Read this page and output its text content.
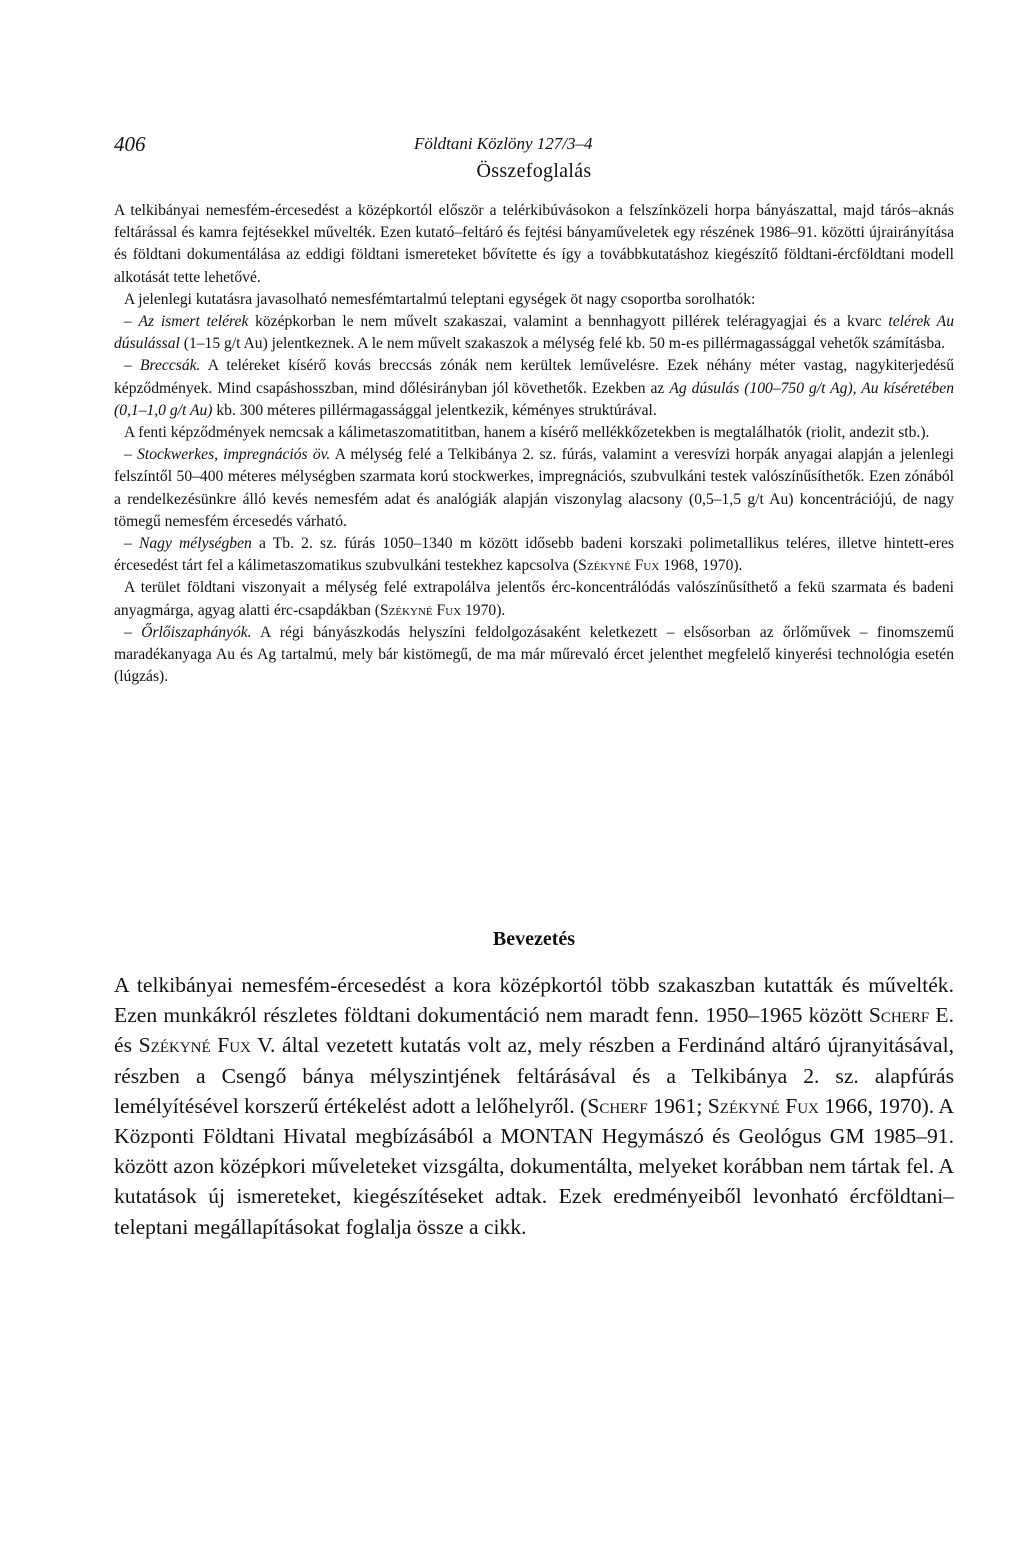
406	Földtani Közlöny 127/3–4
Összefoglalás

A telkibányai nemesfém-ércesedést a középkortól először a telérkibúvásokon a felszínközeli horpa bányászattal, majd tárós–aknás feltárással és kamra fejtésekkel művelték. Ezen kutató–feltáró és fejtési bányaműveletek egy részének 1986–91. közötti újrairányítása és földtani dokumentálása az eddigi földtani ismereteket bővítette és így a továbbkutatáshoz kiegészítő földtani-ércföldtani modell alkotását tette lehetővé.

A jelenlegi kutatásra javasolható nemesfémtartalmú teleptani egységek öt nagy csoportba sorolhatók:

– Az ismert telérek középkorban le nem művelt szakaszai, valamint a bennhagyott pillérek teléragyagjai és a kvarc telérek Au dúsulással (1–15 g/t Au) jelentkeznek. A le nem művelt szakaszok a mélység felé kb. 50 m-es pillérmagassággal vehetők számításba.

– Breccsák. A teléreket kísérő kovás breccsás zónák nem kerültek leművelésre. Ezek néhány méter vastag, nagykiterjedésű képződmények. Mind csapáshosszban, mind dőlésirányban jól követhetők. Ezekben az Ag dúsulás (100–750 g/t Ag), Au kíséretében (0,1–1,0 g/t Au) kb. 300 méteres pillérmagassággal jelentkezik, kéményes struktúrával.

A fenti képződmények nemcsak a kálimetaszomatititban, hanem a kísérő mellékkőzetekben is megtalálhatók (riolit, andezit stb.).

– Stockwerkes, impregnációs öv. A mélység felé a Telkibánya 2. sz. fúrás, valamint a veresvízi horpák anyagai alapján a jelenlegi felszíntől 50–400 méteres mélységben szarmata korú stockwerkes, impregnációs, szubvulkáni testek valószínűsíthetők. Ezen zónából a rendelkezésünkre álló kevés nemesfém adat és analógiák alapján viszonylag alacsony (0,5–1,5 g/t Au) koncentrációjú, de nagy tömegű nemesfém ércesedés várható.

– Nagy mélységben a Tb. 2. sz. fúrás 1050–1340 m között idősebb badeni korszaki polimetallikus teléres, illetve hintett-eres ércesedést tárt fel a kálimetaszomatikus szubvulkáni testekhez kapcsolva (Székyné Fux 1968, 1970).

A terület földtani viszonyait a mélység felé extrapolálva jelentős érc-koncentrálódás valószínűsíthető a fekü szarmata és badeni anyagmárga, agyag alatti érc-csapdákban (Székyné Fux 1970).

– Őrlőiszaphányók. A régi bányászkodás helyszíni feldolgozásaként keletkezett – elsősorban az őrlőművek – finomszemű maradékanyaga Au és Ag tartalmú, mely bár kistömegű, de ma már műrevaló ércet jelenthet megfelelő kinyerési technológia esetén (lúgzás).

Bevezetés

A telkibányai nemesfém-ércesedést a kora középkortól több szakaszban kutatták és művelték. Ezen munkákról részletes földtani dokumentáció nem maradt fenn. 1950–1965 között Scherf E. és Székyné Fux V. által vezetett kutatás volt az, mely részben a Ferdinánd altáró újranyitásával, részben a Csengő bánya mélyszintjének feltárásával és a Telkibánya 2. sz. alapfúrás lemélyítésével korszerű értékelést adott a lelőhelyről. (Scherf 1961; Székyné Fux 1966, 1970). A Központi Földtani Hivatal megbízásából a MONTAN Hegymászó és Geológus GM 1985–91. között azon középkori műveleteket vizsgálta, dokumentálta, melyeket korábban nem tártak fel. A kutatások új ismereteket, kiegészítéseket adtak. Ezek eredményeiből levonható ércföldtani–teleptani megállapításokat foglalja össze a cikk.
